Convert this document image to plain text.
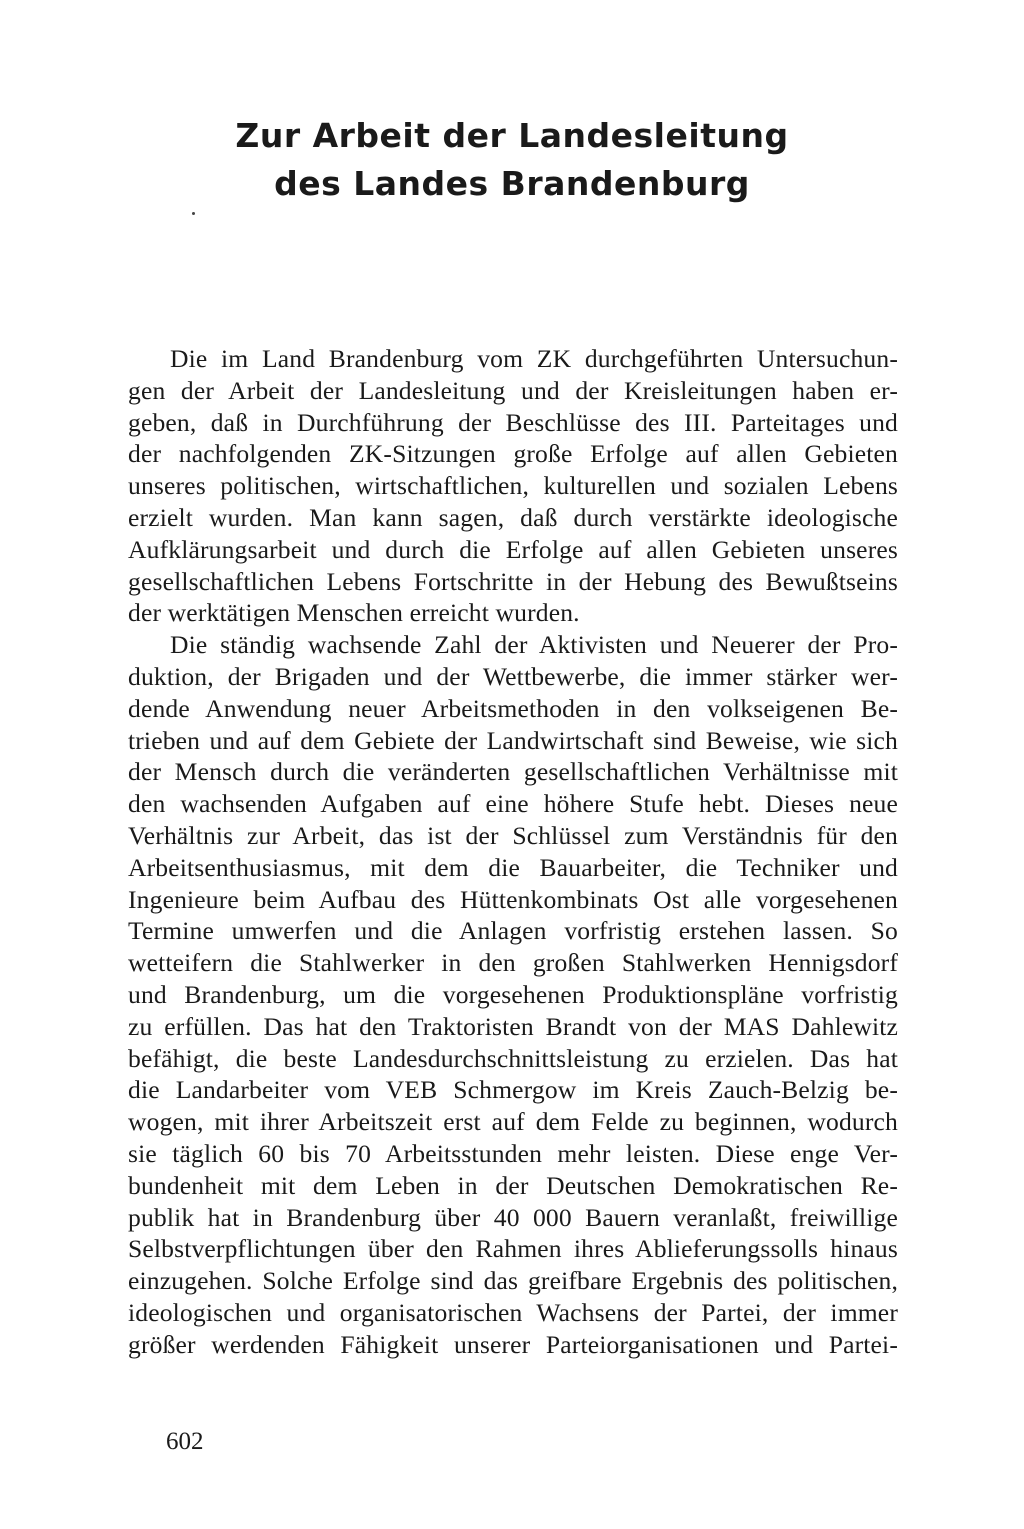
Zur Arbeit der Landesleitung
des Landes Brandenburg
Die im Land Brandenburg vom ZK durchgeführten Untersuchun-
gen der Arbeit der Landesleitung und der Kreisleitungen haben er-
geben, daß in Durchführung der Beschlüsse des III. Parteitages und
der nachfolgenden ZK-Sitzungen große Erfolge auf allen Gebieten
unseres politischen, wirtschaftlichen, kulturellen und sozialen Lebens
erzielt wurden. Man kann sagen, daß durch verstärkte ideologische
Aufklärungsarbeit und durch die Erfolge auf allen Gebieten unseres
gesellschaftlichen Lebens Fortschritte in der Hebung des Bewußtseins
der werktätigen Menschen erreicht wurden.
Die ständig wachsende Zahl der Aktivisten und Neuerer der Pro-
duktion, der Brigaden und der Wettbewerbe, die immer stärker wer-
dende Anwendung neuer Arbeitsmethoden in den volkseigenen Be-
trieben und auf dem Gebiete der Landwirtschaft sind Beweise, wie sich
der Mensch durch die veränderten gesellschaftlichen Verhältnisse mit
den wachsenden Aufgaben auf eine höhere Stufe hebt. Dieses neue
Verhältnis zur Arbeit, das ist der Schlüssel zum Verständnis für den
Arbeitsenthusiasmus, mit dem die Bauarbeiter, die Techniker und
Ingenieure beim Aufbau des Hüttenkombinats Ost alle vorgesehenen
Termine umwerfen und die Anlagen vorfristig erstehen lassen. So
wetteifern die Stahlwerker in den großen Stahlwerken Hennigsdorf
und Brandenburg, um die vorgesehenen Produktionspläne vorfristig
zu erfüllen. Das hat den Traktoristen Brandt von der MAS Dahlewitz
befähigt, die beste Landesdurchschnittsleistung zu erzielen. Das hat
die Landarbeiter vom VEB Schmergow im Kreis Zauch-Belzig be-
wogen, mit ihrer Arbeitszeit erst auf dem Felde zu beginnen, wodurch
sie täglich 60 bis 70 Arbeitsstunden mehr leisten. Diese enge Ver-
bundenheit mit dem Leben in der Deutschen Demokratischen Re-
publik hat in Brandenburg über 40 000 Bauern veranlaßt, freiwillige
Selbstverpflichtungen über den Rahmen ihres Ablieferungssolls hinaus
einzugehen. Solche Erfolge sind das greifbare Ergebnis des politischen,
ideologischen und organisatorischen Wachsens der Partei, der immer
größer werdenden Fähigkeit unserer Parteiorganisationen und Partei-

602
